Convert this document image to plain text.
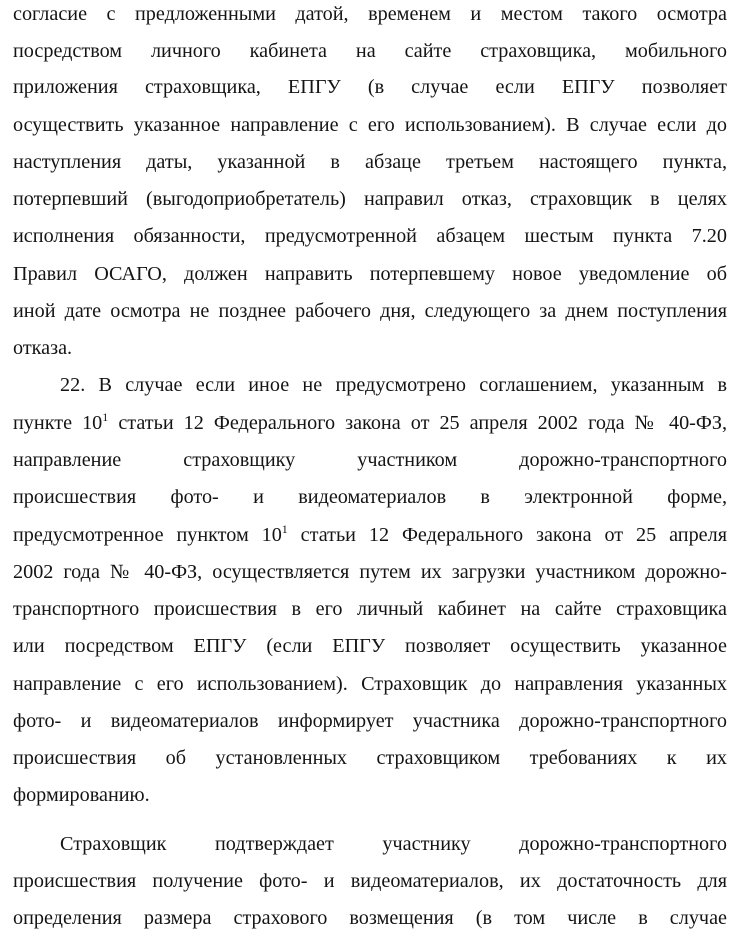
согласие с предложенными датой, временем и местом такого осмотра
посредством личного кабинета на сайте страховщика, мобильного
приложения страховщика, ЕПГУ (в случае если ЕПГУ позволяет
осуществить указанное направление с его использованием). В случае если до
наступления даты, указанной в абзаце третьем настоящего пункта,
потерпевший (выгодоприобретатель) направил отказ, страховщик в целях
исполнения обязанности, предусмотренной абзацем шестым пункта 7.20
Правил ОСАГО, должен направить потерпевшему новое уведомление об
иной дате осмотра не позднее рабочего дня, следующего за днем поступления
отказа.
22. В случае если иное не предусмотрено соглашением, указанным в
пункте $10^1$ статьи 12 Федерального закона от 25 апреля 2002 года № 40-ФЗ,
направление страховщику участником дорожно-транспортного
происшествия фото- и видеоматериалов в электронной форме,
предусмотренное пунктом $10^1$ статьи 12 Федерального закона от 25 апреля
2002 года № 40-ФЗ, осуществляется путем их загрузки участником дорожно-
транспортного происшествия в его личный кабинет на сайте страховщика
или посредством ЕПГУ (если ЕПГУ позволяет осуществить указанное
направление с его использованием). Страховщик до направления указанных
фото- и видеоматериалов информирует участника дорожно-транспортного
происшествия об установленных страховщиком требованиях к их
формированию.
Страховщик подтверждает участнику дорожно-транспортного
происшествия получение фото- и видеоматериалов, их достаточность для
определения размера страхового возмещения (в том числе в случае
